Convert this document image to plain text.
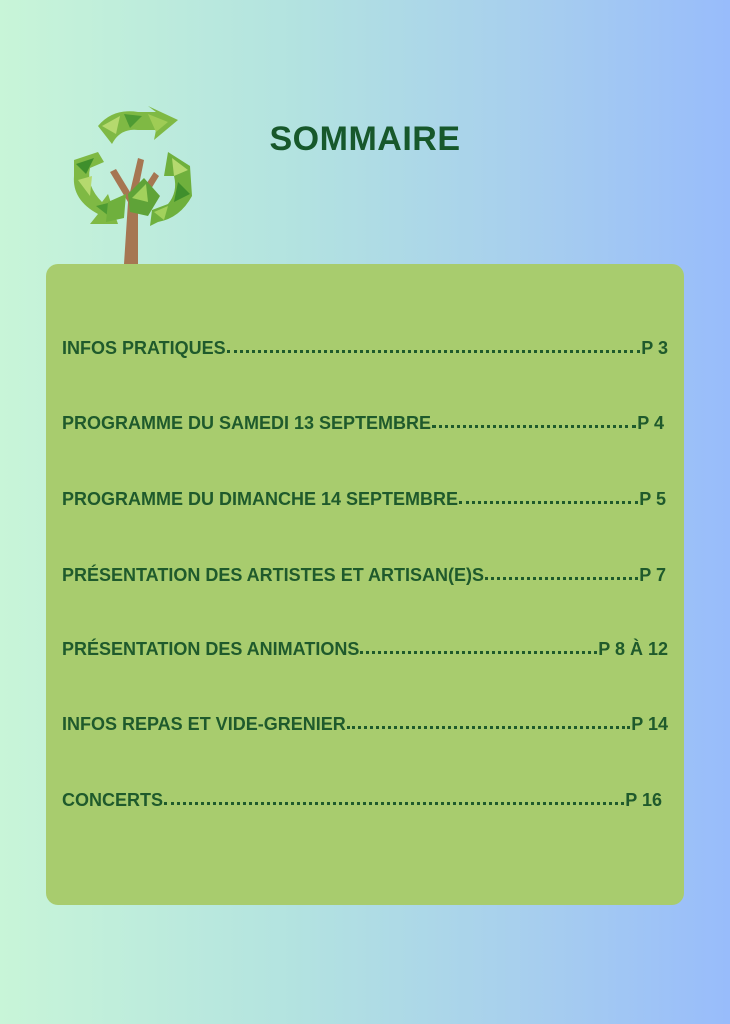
SOMMAIRE
INFOS PRATIQUES	P 3
PROGRAMME DU SAMEDI 13 SEPTEMBRE	P 4
PROGRAMME DU DIMANCHE 14 SEPTEMBRE	P 5
PRÉSENTATION DES ARTISTES ET ARTISAN(E)S	P 7
PRÉSENTATION DES ANIMATIONS	P 8 À 12
INFOS REPAS ET VIDE-GRENIER	P 14
CONCERTS	P 16
